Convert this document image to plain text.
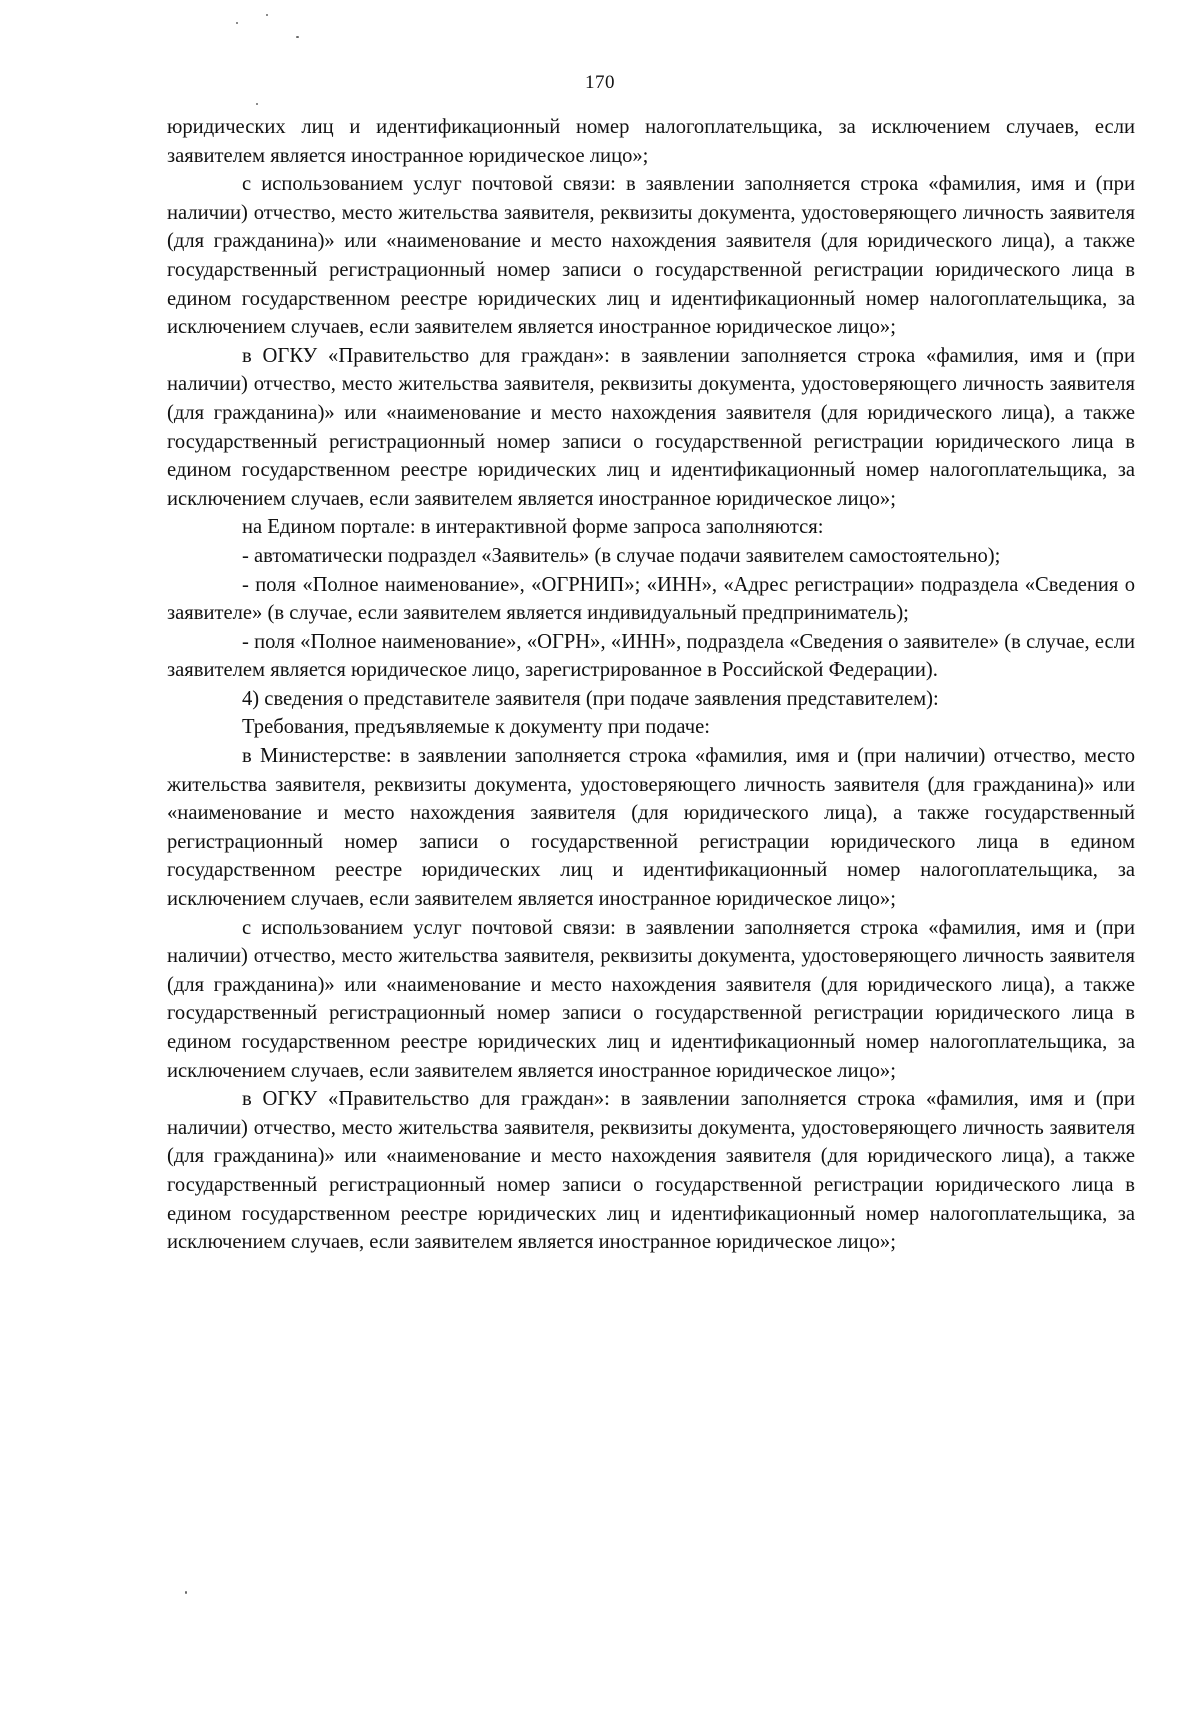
170

юридических лиц и идентификационный номер налогоплательщика, за исключением случаев, если заявителем является иностранное юридическое лицо»;

с использованием услуг почтовой связи: в заявлении заполняется строка «фамилия, имя и (при наличии) отчество, место жительства заявителя, реквизиты документа, удостоверяющего личность заявителя (для гражданина)» или «наименование и место нахождения заявителя (для юридического лица), а также государственный регистрационный номер записи о государственной регистрации юридического лица в едином государственном реестре юридических лиц и идентификационный номер налогоплательщика, за исключением случаев, если заявителем является иностранное юридическое лицо»;

в ОГКУ «Правительство для граждан»: в заявлении заполняется строка «фамилия, имя и (при наличии) отчество, место жительства заявителя, реквизиты документа, удостоверяющего личность заявителя (для гражданина)» или «наименование и место нахождения заявителя (для юридического лица), а также государственный регистрационный номер записи о государственной регистрации юридического лица в едином государственном реестре юридических лиц и идентификационный номер налогоплательщика, за исключением случаев, если заявителем является иностранное юридическое лицо»;

на Едином портале: в интерактивной форме запроса заполняются:

- автоматически подраздел «Заявитель» (в случае подачи заявителем самостоятельно);

- поля «Полное наименование», «ОГРНИП»; «ИНН», «Адрес регистрации» подраздела «Сведения о заявителе» (в случае, если заявителем является индивидуальный предприниматель);

- поля «Полное наименование», «ОГРН», «ИНН», подраздела «Сведения о заявителе» (в случае, если заявителем является юридическое лицо, зарегистрированное в Российской Федерации).

4) сведения о представителе заявителя (при подаче заявления представителем):

Требования, предъявляемые к документу при подаче:

в Министерстве: в заявлении заполняется строка «фамилия, имя и (при наличии) отчество, место жительства заявителя, реквизиты документа, удостоверяющего личность заявителя (для гражданина)» или «наименование и место нахождения заявителя (для юридического лица), а также государственный регистрационный номер записи о государственной регистрации юридического лица в едином государственном реестре юридических лиц и идентификационный номер налогоплательщика, за исключением случаев, если заявителем является иностранное юридическое лицо»;

с использованием услуг почтовой связи: в заявлении заполняется строка «фамилия, имя и (при наличии) отчество, место жительства заявителя, реквизиты документа, удостоверяющего личность заявителя (для гражданина)» или «наименование и место нахождения заявителя (для юридического лица), а также государственный регистрационный номер записи о государственной регистрации юридического лица в едином государственном реестре юридических лиц и идентификационный номер налогоплательщика, за исключением случаев, если заявителем является иностранное юридическое лицо»;

в ОГКУ «Правительство для граждан»: в заявлении заполняется строка «фамилия, имя и (при наличии) отчество, место жительства заявителя, реквизиты документа, удостоверяющего личность заявителя (для гражданина)» или «наименование и место нахождения заявителя (для юридического лица), а также государственный регистрационный номер записи о государственной регистрации юридического лица в едином государственном реестре юридических лиц и идентификационный номер налогоплательщика, за исключением случаев, если заявителем является иностранное юридическое лицо»;
